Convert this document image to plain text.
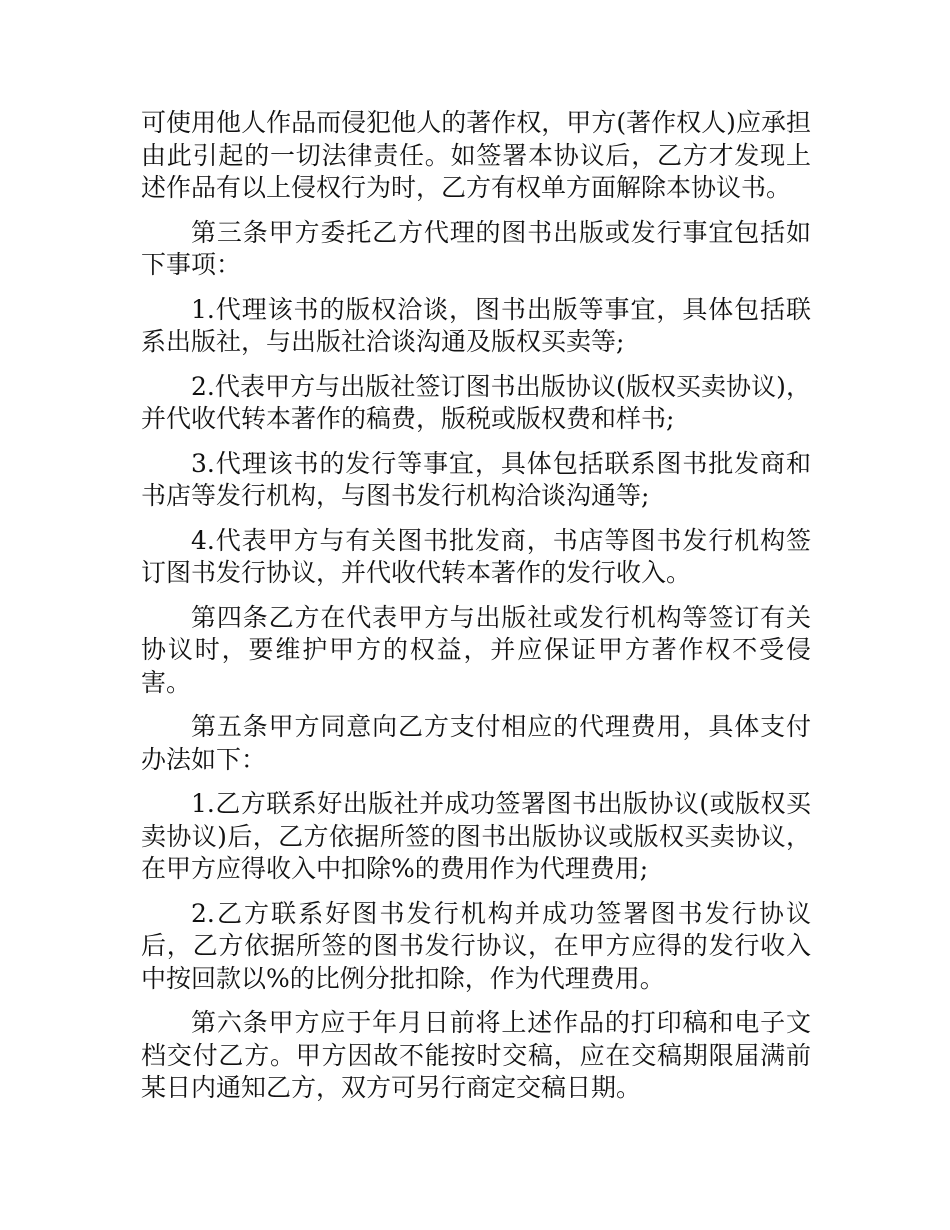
可使用他人作品而侵犯他人的著作权，甲方(著作权人)应承担由此引起的一切法律责任。如签署本协议后，乙方才发现上述作品有以上侵权行为时，乙方有权单方面解除本协议书。

第三条甲方委托乙方代理的图书出版或发行事宜包括如下事项：

1.代理该书的版权洽谈，图书出版等事宜，具体包括联系出版社，与出版社洽谈沟通及版权买卖等;

2.代表甲方与出版社签订图书出版协议(版权买卖协议)，并代收代转本著作的稿费，版税或版权费和样书;

3.代理该书的发行等事宜，具体包括联系图书批发商和书店等发行机构，与图书发行机构洽谈沟通等;

4.代表甲方与有关图书批发商，书店等图书发行机构签订图书发行协议，并代收代转本著作的发行收入。

第四条乙方在代表甲方与出版社或发行机构等签订有关协议时，要维护甲方的权益，并应保证甲方著作权不受侵害。

第五条甲方同意向乙方支付相应的代理费用，具体支付办法如下：

1.乙方联系好出版社并成功签署图书出版协议(或版权买卖协议)后，乙方依据所签的图书出版协议或版权买卖协议，在甲方应得收入中扣除%的费用作为代理费用;

2.乙方联系好图书发行机构并成功签署图书发行协议后，乙方依据所签的图书发行协议，在甲方应得的发行收入中按回款以%的比例分批扣除，作为代理费用。

第六条甲方应于年月日前将上述作品的打印稿和电子文档交付乙方。甲方因故不能按时交稿，应在交稿期限届满前某日内通知乙方，双方可另行商定交稿日期。
